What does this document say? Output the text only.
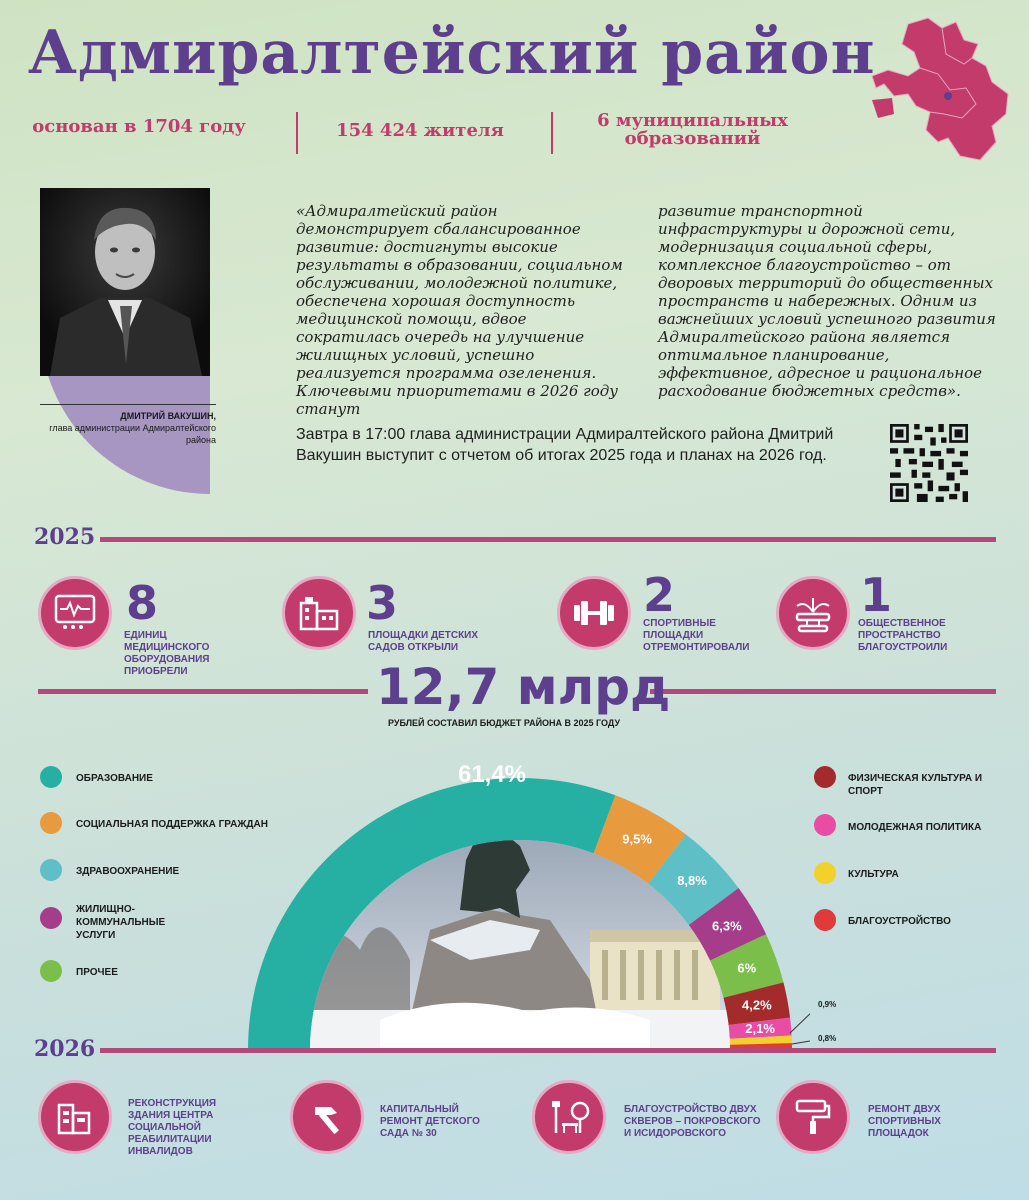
Адмиралтейский район
основан в 1704 году	154 424 жителя	6 муниципальных образований
ДМИТРИЙ ВАКУШИН,
глава администрации Адмиралтейского района
«Адмиралтейский район демонстрирует сбалансированное развитие: достигнуты высокие результаты в образовании, социальном обслуживании, молодежной политике, обеспечена хорошая доступность медицинской помощи, вдвое сократилась очередь на улучшение жилищных условий, успешно реализуется программа озеленения. Ключевыми приоритетами в 2026 году станут
развитие транспортной инфраструктуры и дорожной сети, модернизация социальной сферы, комплексное благоустройство – от дворовых территорий до общественных пространств и набережных. Одним из важнейших условий успешного развития Адмиралтейского района является оптимальное планирование, эффективное, адресное и рациональное расходование бюджетных средств».
Завтра в 17:00 глава администрации Адмиралтейского района Дмитрий Вакушин выступит с отчетом об итогах 2025 года и планах на 2026 год.
2025
8
ЕДИНИЦ МЕДИЦИНСКОГО ОБОРУДОВАНИЯ ПРИОБРЕЛИ
3
ПЛОЩАДКИ ДЕТСКИХ САДОВ ОТКРЫЛИ
2
СПОРТИВНЫЕ ПЛОЩАДКИ ОТРЕМОНТИРОВАЛИ
1
ОБЩЕСТВЕННОЕ ПРОСТРАНСТВО БЛАГОУСТРОИЛИ
12,7 млрд
РУБЛЕЙ СОСТАВИЛ БЮДЖЕТ РАЙОНА В 2025 ГОДУ
ОБРАЗОВАНИЕ
СОЦИАЛЬНАЯ ПОДДЕРЖКА ГРАЖДАН
ЗДРАВООХРАНЕНИЕ
ЖИЛИЩНО-КОММУНАЛЬНЫЕ УСЛУГИ
ПРОЧЕЕ
ФИЗИЧЕСКАЯ КУЛЬТУРА И СПОРТ
МОЛОДЕЖНАЯ ПОЛИТИКА
КУЛЬТУРА
БЛАГОУСТРОЙСТВО
61,4%
9,5%
8,8%
6,3%
6%
4,2%
2,1%
0,9%
0,8%
2026
РЕКОНСТРУКЦИЯ ЗДАНИЯ ЦЕНТРА СОЦИАЛЬНОЙ РЕАБИЛИТАЦИИ ИНВАЛИДОВ
КАПИТАЛЬНЫЙ РЕМОНТ ДЕТСКОГО САДА № 30
БЛАГОУСТРОЙСТВО ДВУХ СКВЕРОВ – ПОКРОВСКОГО И ИСИДОРОВСКОГО
РЕМОНТ ДВУХ СПОРТИВНЫХ ПЛОЩАДОК
